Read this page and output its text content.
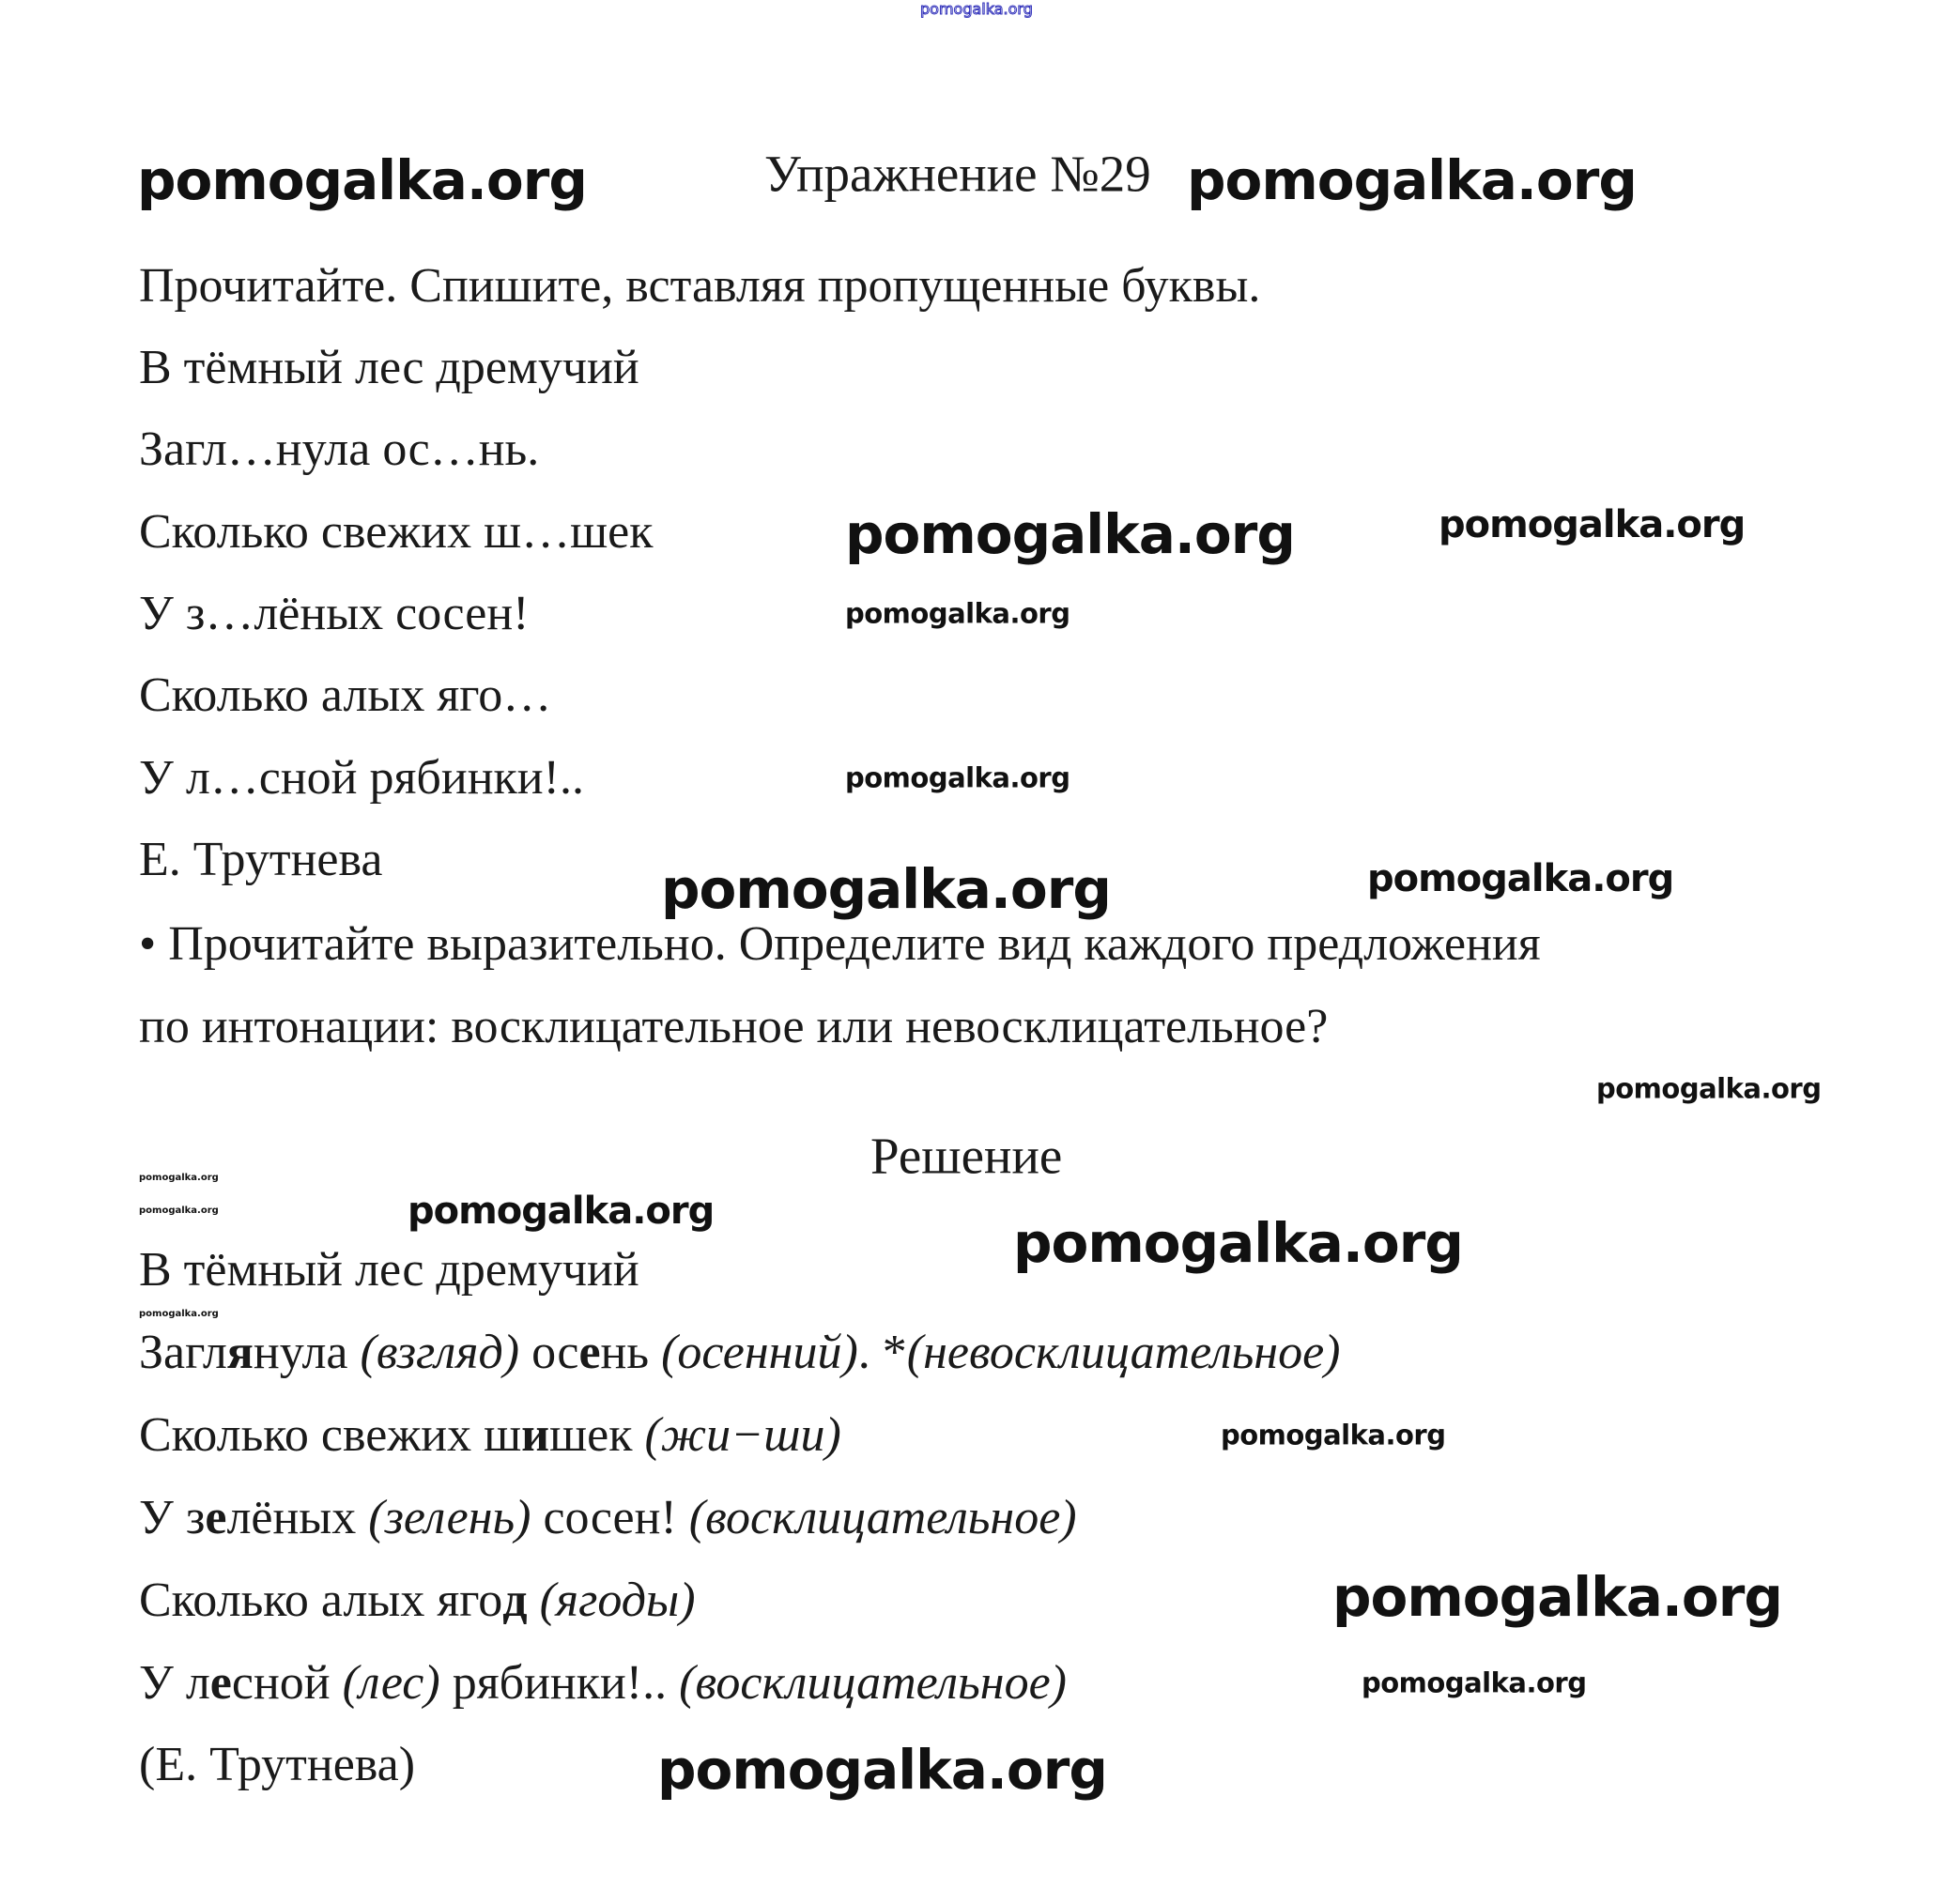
pomogalka.org
pomogalka.org	Упражнение №29 pomogalka.org
Прочитайте. Спишите, вставляя пропущенные буквы.
В тёмный лес дремучий
Загл…нула ос…нь.
Сколько свежих ш…шек
У з…лёных сосен!
Сколько алых яго…
У л…сной рябинки!..
Е. Трутнева
• Прочитайте выразительно. Определите вид каждого предложения
по интонации: восклицательное или невосклицательное?
pomogalka.org	pomogalka.org
pomogalka.org
pomogalka.org
pomogalka.org	pomogalka.org
pomogalka.org
Решение
pomogalka.org
pomogalka.org	pomogalka.org	pomogalka.org
pomogalka.org
В тёмный лес дремучий
Заглянула (взгляд) осень (осенний). *(невосклицательное)
Сколько свежих шишек (жи−ши)
У зелёных (зелень) сосен! (восклицательное)
Сколько алых ягод (ягоды)
У лесной (лес) рябинки!.. (восклицательное)
(Е. Трутнева)
pomogalka.org
pomogalka.org
pomogalka.org
pomogalka.org
